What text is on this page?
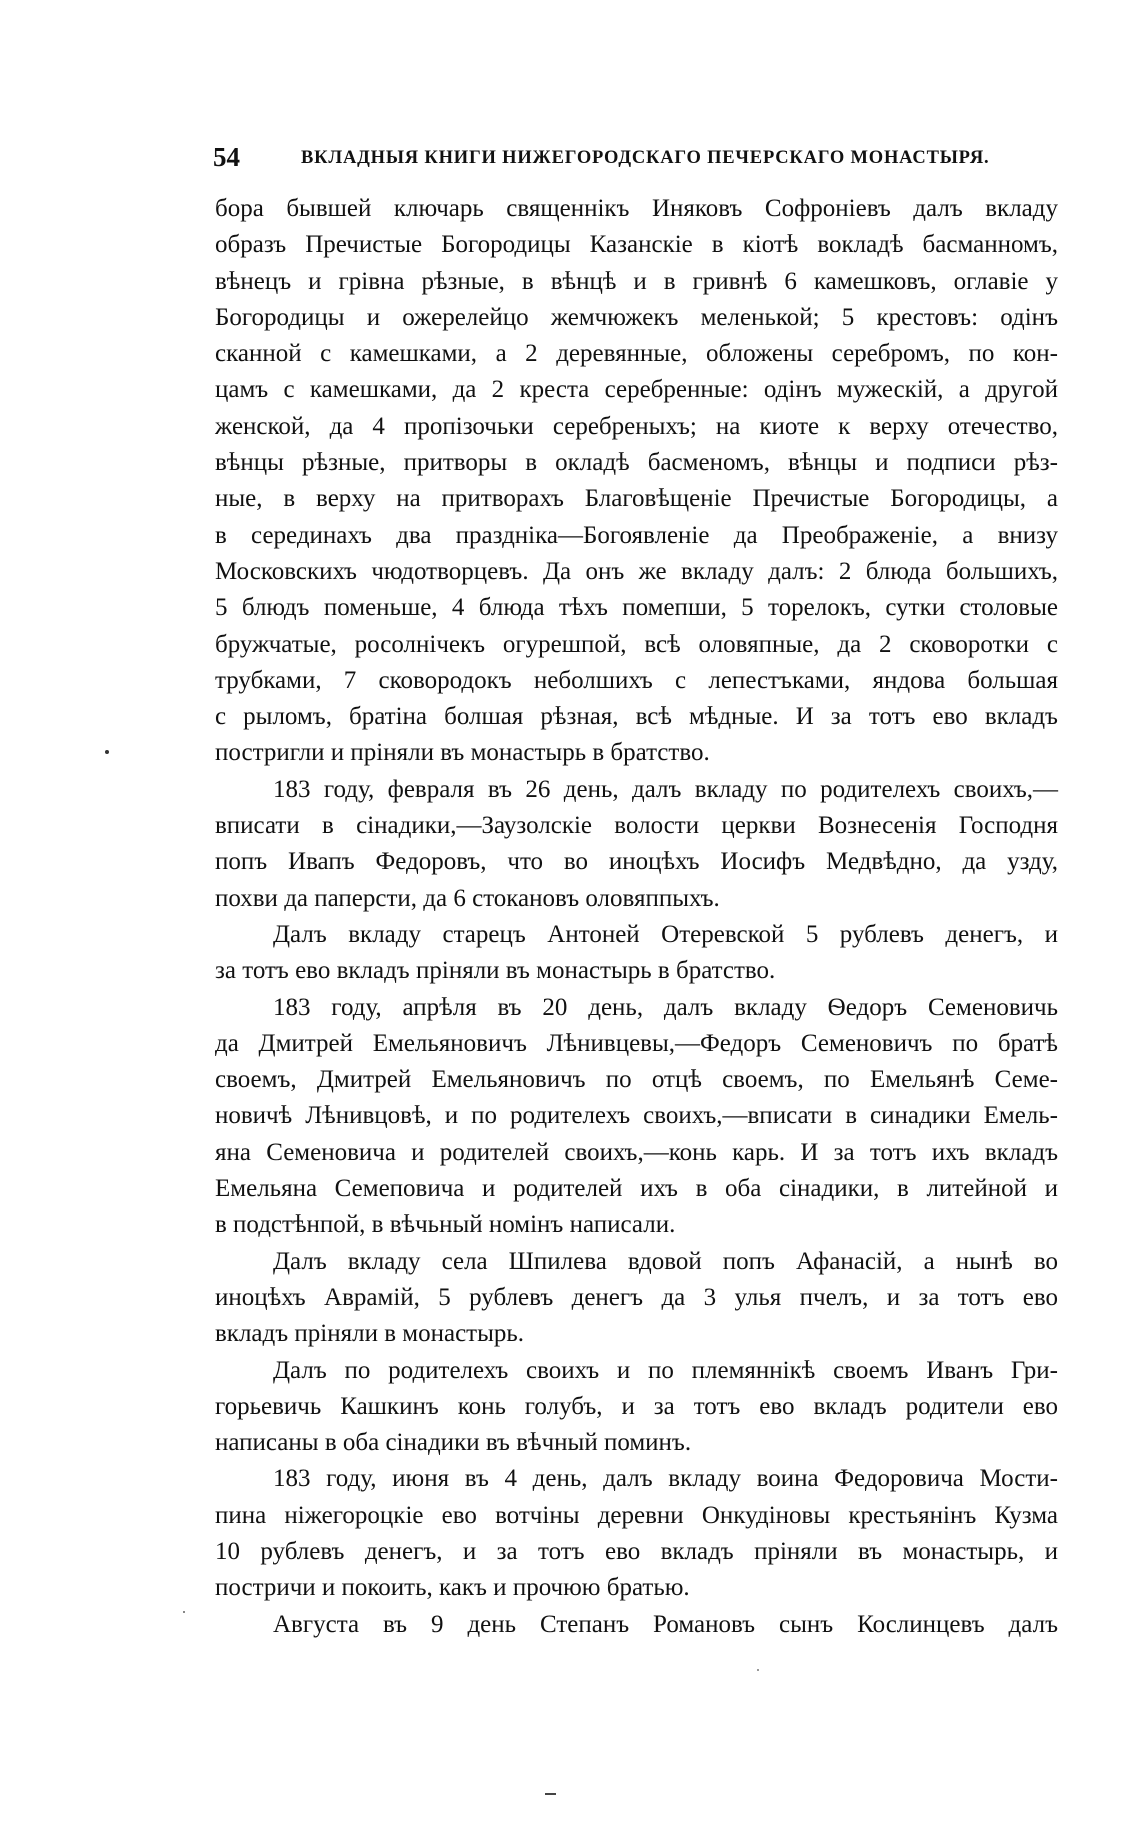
54	ВКЛАДНЫЯ КНИГИ НИЖЕГОРОДСКАГО ПЕЧЕРСКАГО МОНАСТЫРЯ.
бора бывшей ключарь священнікъ Иняковъ Софроніевъ далъ вкладу
образъ Пречистые Богородицы Казанскіе в кіотѣ вокладѣ басманномъ,
вѣнецъ и грівна рѣзные, в вѣнцѣ и в гривнѣ 6 камешковъ, оглавіе у
Богородицы и ожерелейцо жемчюжекъ меленькой; 5 крестовъ: одінъ
сканной с камешками, а 2 деревянные, обложены серебромъ, по кон-
цамъ с камешками, да 2 креста серебренные: одінъ мужескій, а другой
женской, да 4 пропізочьки серебреныхъ; на киоте к верху отечество,
вѣнцы рѣзные, притворы в окладѣ басменомъ, вѣнцы и подписи рѣз-
ные, в верху на притворахъ Благовѣщеніе Пречистые Богородицы, а
в серединахъ два праздніка—Богоявленіе да Преображеніе, а внизу
Московскихъ чюдотворцевъ. Да онъ же вкладу далъ: 2 блюда большихъ,
5 блюдъ поменьше, 4 блюда тѣхъ помепши, 5 торелокъ, сутки столовые
бружчатые, росолнічекъ огурешпой, всѣ оловяпные, да 2 сковоротки с
трубками, 7 сковородокъ неболшихъ с лепестъками, яндова большая
с рыломъ, братіна болшая рѣзная, всѣ мѣдные. И за тотъ ево вкладъ
постригли и пріняли въ монастырь в братство.
183 году, февраля въ 26 день, далъ вкладу по родителехъ своихъ,—
вписати в сінадики,—Заузолскіе волости церкви Вознесенія Господня
попъ Ивапъ Федоровъ, что во иноцѣхъ Иосифъ Медвѣдно, да узду,
похви да паперсти, да 6 стокановъ оловяппыхъ.
Далъ вкладу старецъ Антоней Отеревской 5 рублевъ денегъ, и
за тотъ ево вкладъ пріняли въ монастырь в братство.
183 году, апрѣля въ 20 день, далъ вкладу Ѳедоръ Семеновичь
да Дмитрей Емельяновичъ Лѣнивцевы,—Федоръ Семеновичъ по братѣ
своемъ, Дмитрей Емельяновичъ по отцѣ своемъ, по Емельянѣ Семе-
новичѣ Лѣнивцовѣ, и по родителехъ своихъ,—вписати в синадики Емель-
яна Семеновича и родителей своихъ,—конь карь. И за тотъ ихъ вкладъ
Емельяна Семеповича и родителей ихъ в оба сінадики, в литейной и
в подстѣнпой, в вѣчьный номінъ написали.
Далъ вкладу села Шпилева вдовой попъ Афанасій, а нынѣ во
иноцѣхъ Аврамій, 5 рублевъ денегъ да 3 улья пчелъ, и за тотъ ево
вкладъ пріняли в монастырь.
Далъ по родителехъ своихъ и по племяннікѣ своемъ Иванъ Гри-
горьевичь Кашкинъ конь голубъ, и за тотъ ево вкладъ родители ево
написаны в оба сінадики въ вѣчный поминъ.
183 году, июня въ 4 день, далъ вкладу воина Федоровича Мости-
пина ніжегороцкіе ево вотчіны деревни Онкудіновы крестьянінъ Кузма
10 рублевъ денегъ, и за тотъ ево вкладъ пріняли въ монастырь, и
постричи и покоить, какъ и прочюю братью.
Августа въ 9 день Степанъ Романовъ сынъ Кослинцевъ далъ
